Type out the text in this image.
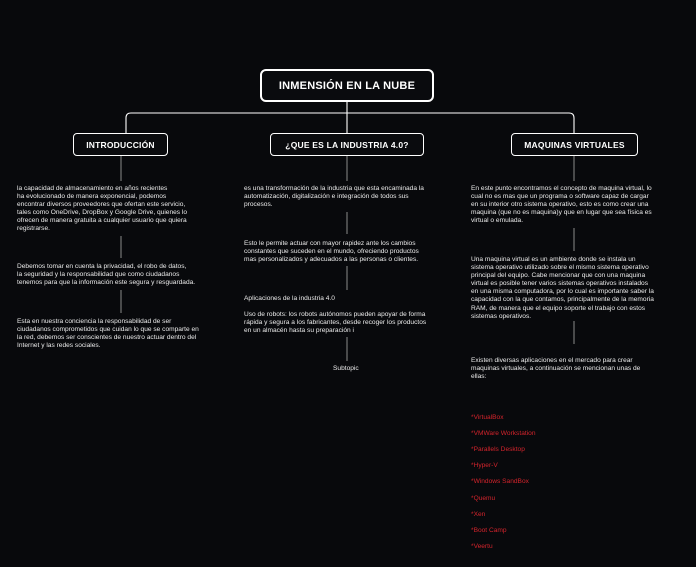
INMENSIÓN EN LA NUBE
INTRODUCCIÓN	¿QUE ES LA INDUSTRIA 4.0?	MAQUINAS VIRTUALES
la capacidad de almacenamiento en años recientes
ha evolucionado de manera exponencial, podemos
encontrar diversos proveedores que ofertan este servicio,
tales como OneDrive, DropBox y Google Drive, quienes lo
ofrecen de manera gratuita a cualquier usuario que quiera
registrarse.
Debemos tomar en cuenta la privacidad, el robo de datos,
la seguridad y la responsabilidad que como ciudadanos
tenemos para que la información este segura y resguardada.
Esta en nuestra conciencia la responsabilidad de ser
ciudadanos comprometidos que cuidan lo que se comparte en
la red, debemos ser conscientes de nuestro actuar dentro del
Internet y las redes sociales.
es una transformación de la industria que esta encaminada la
automatización, digitalización e integración de todos sus
procesos.
Esto le permite actuar con mayor rapidez ante los cambios
constantes que suceden en el mundo, ofreciendo productos
mas personalizados y adecuados a las personas o clientes.
Aplicaciones de la industria 4.0

Uso de robots: los robots autónomos pueden apoyar de forma
rápida y segura a los fabricantes, desde recoger los productos
en un almacén hasta su preparación i
Subtopic
En este punto encontramos el concepto de maquina virtual, lo
cual no es mas que un programa o software capaz de cargar
en su interior otro sistema operativo, esto es como crear una
maquina (que no es maquina)y que en lugar que sea física es
virtual o emulada.
Una maquina virtual es un ambiente donde se instala un
sistema operativo utilizado sobre el mismo sistema operativo
principal del equipo. Cabe mencionar que con una maquina
virtual es posible tener varios sistemas operativos instalados
en una misma computadora, por lo cual es importante saber la
capacidad con la que contamos, principalmente de la memoria
RAM, de manera que el equipo soporte el trabajo con estos
sistemas operativos.

Existen diversas aplicaciones en el mercado para crear
maquinas virtuales, a continuación se mencionan unas de
ellas:

*VirtualBox

*VMWare Workstation

*Parallels Desktop

*Hyper-V

*Windows SandBox

*Quemu

*Xen

*Boot Camp

*Veertu
